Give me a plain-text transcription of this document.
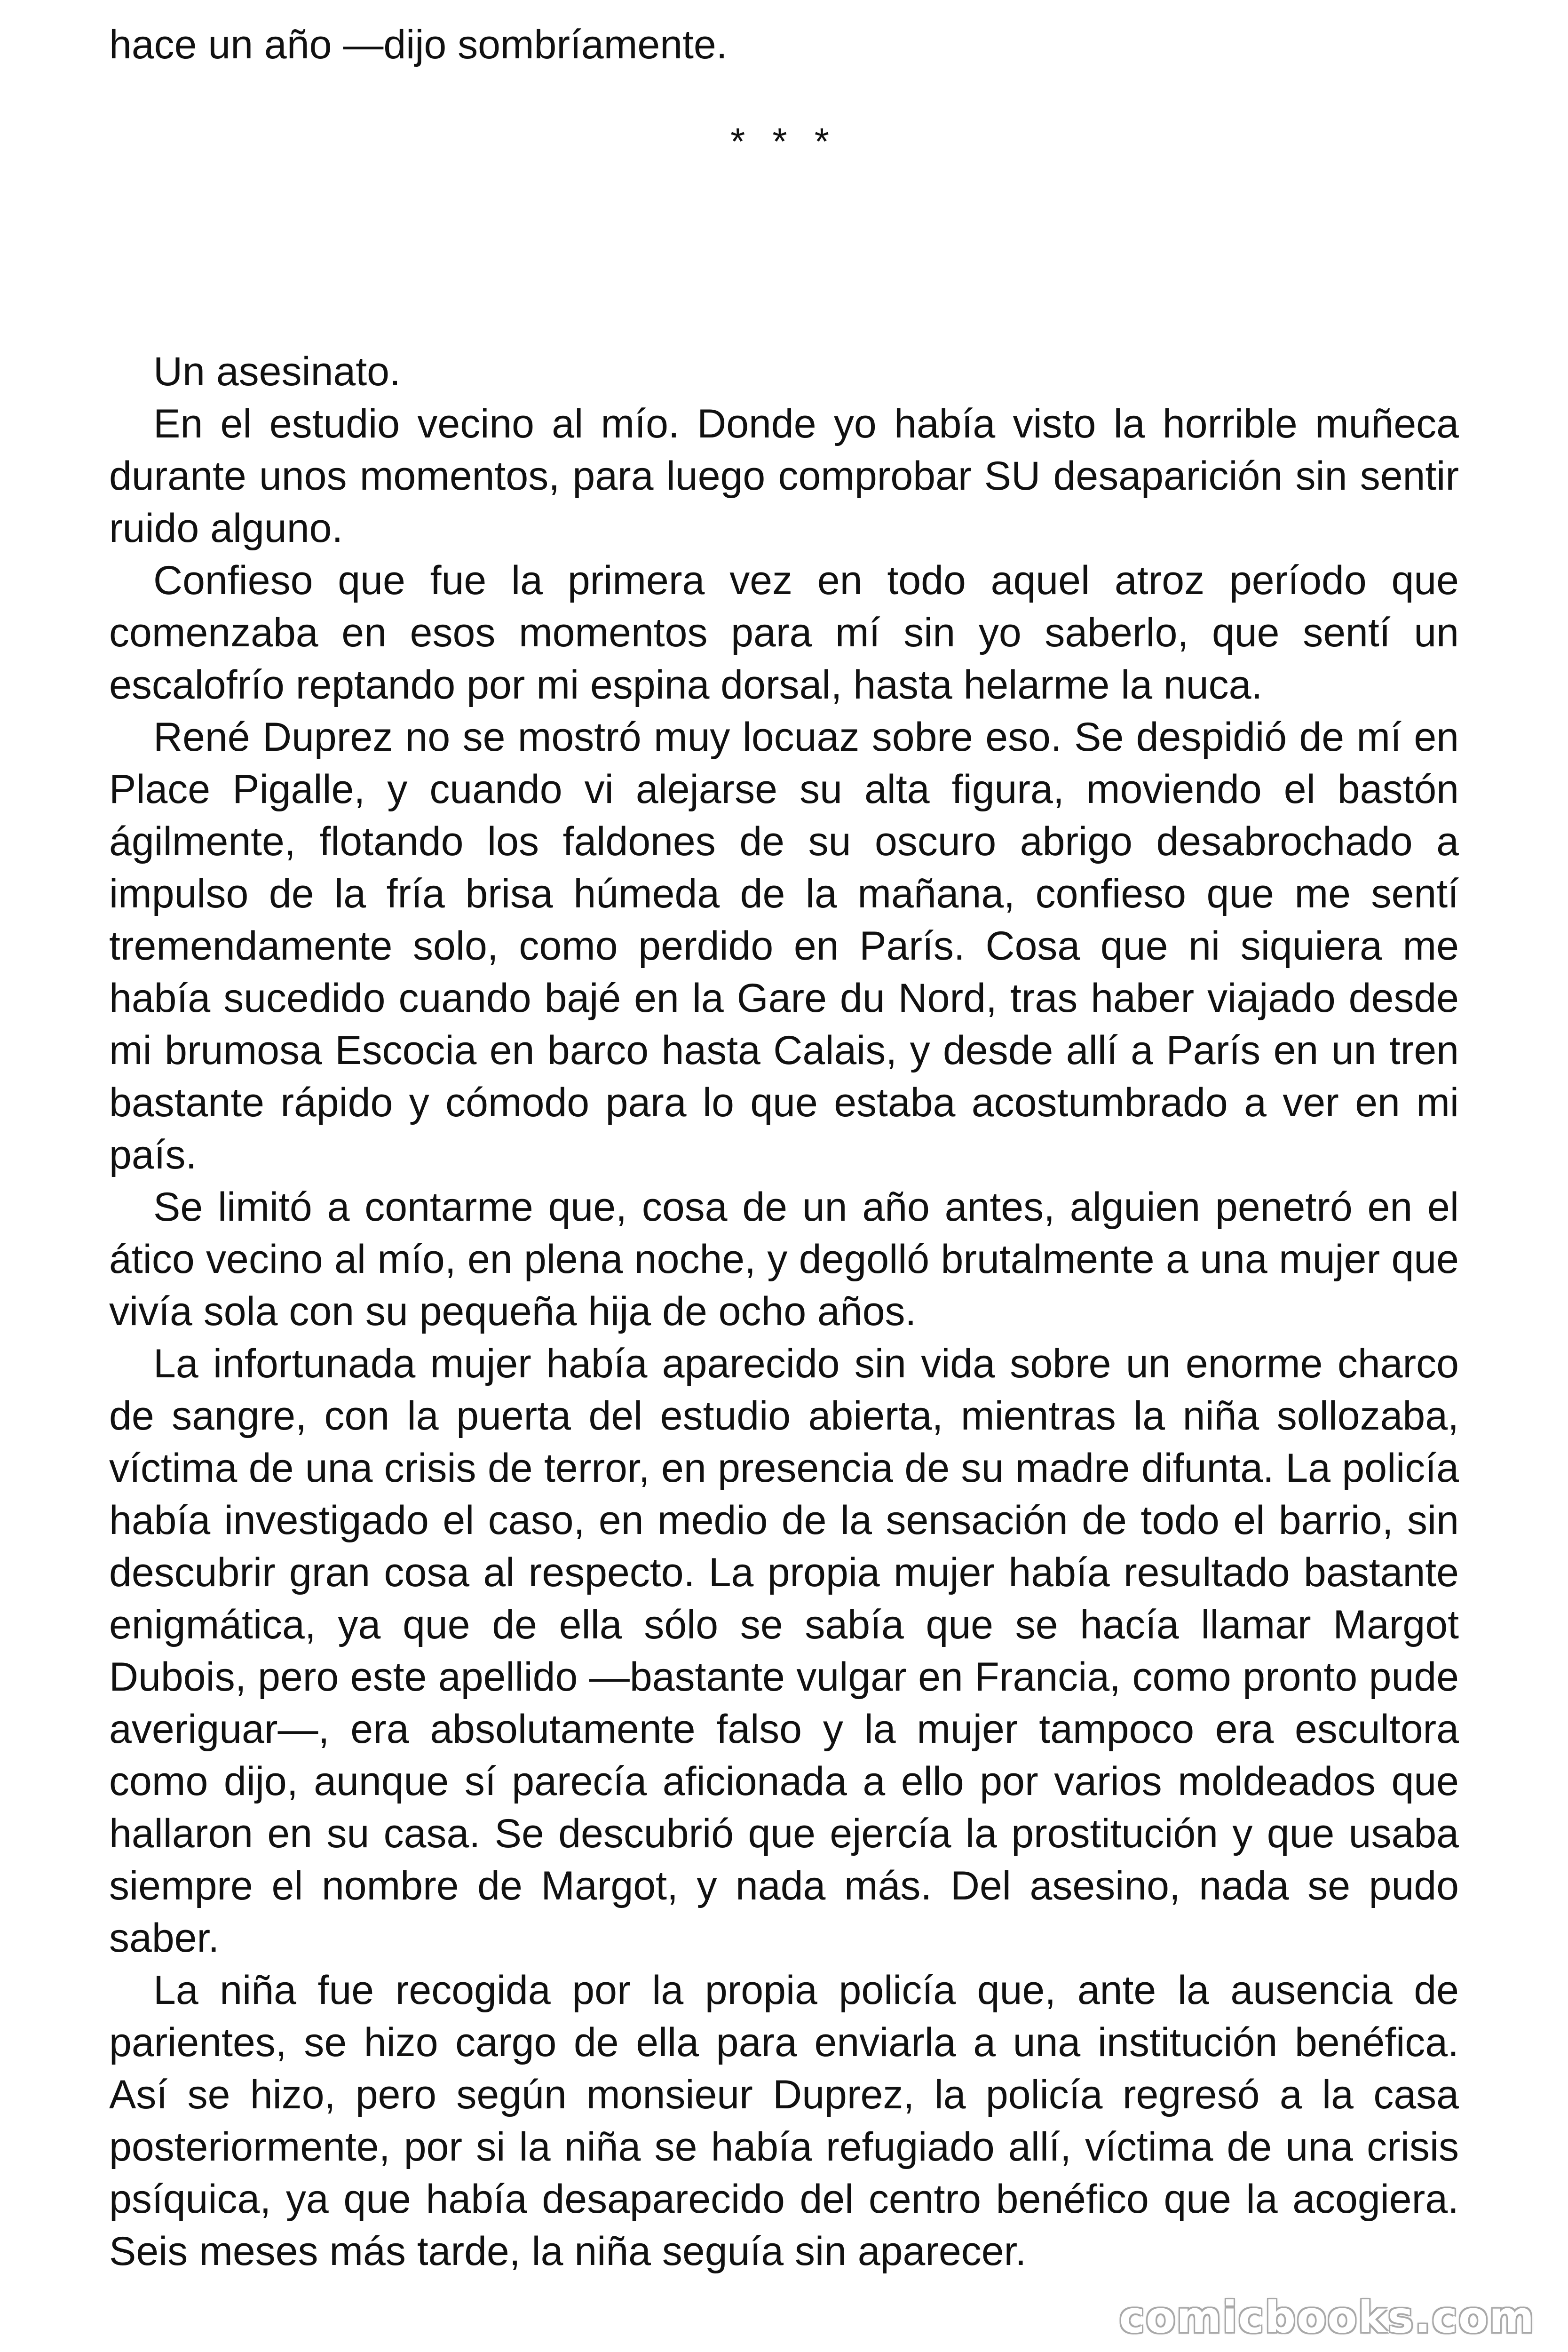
hace un año —dijo sombríamente.

* * *

Un asesinato.

En el estudio vecino al mío. Donde yo había visto la horrible muñeca durante unos momentos, para luego comprobar SU desaparición sin sentir ruido alguno.

Confieso que fue la primera vez en todo aquel atroz período que comenzaba en esos momentos para mí sin yo saberlo, que sentí un escalofrío reptando por mi espina dorsal, hasta helarme la nuca.

René Duprez no se mostró muy locuaz sobre eso. Se despidió de mí en Place Pigalle, y cuando vi alejarse su alta figura, moviendo el bastón ágilmente, flotando los faldones de su oscuro abrigo desabrochado a impulso de la fría brisa húmeda de la mañana, confieso que me sentí tremendamente solo, como perdido en París. Cosa que ni siquiera me había sucedido cuando bajé en la Gare du Nord, tras haber viajado desde mi brumosa Escocia en barco hasta Calais, y desde allí a París en un tren bastante rápido y cómodo para lo que estaba acostumbrado a ver en mi país.

Se limitó a contarme que, cosa de un año antes, alguien penetró en el ático vecino al mío, en plena noche, y degolló brutalmente a una mujer que vivía sola con su pequeña hija de ocho años.

La infortunada mujer había aparecido sin vida sobre un enorme charco de sangre, con la puerta del estudio abierta, mientras la niña sollozaba, víctima de una crisis de terror, en presencia de su madre difunta. La policía había investigado el caso, en medio de la sensación de todo el barrio, sin descubrir gran cosa al respecto. La propia mujer había resultado bastante enigmática, ya que de ella sólo se sabía que se hacía llamar Margot Dubois, pero este apellido —bastante vulgar en Francia, como pronto pude averiguar—, era absolutamente falso y la mujer tampoco era escultora como dijo, aunque sí parecía aficionada a ello por varios moldeados que hallaron en su casa. Se descubrió que ejercía la prostitución y que usaba siempre el nombre de Margot, y nada más. Del asesino, nada se pudo saber.

La niña fue recogida por la propia policía que, ante la ausencia de parientes, se hizo cargo de ella para enviarla a una institución benéfica. Así se hizo, pero según monsieur Duprez, la policía regresó a la casa posteriormente, por si la niña se había refugiado allí, víctima de una crisis psíquica, ya que había desaparecido del centro benéfico que la acogiera. Seis meses más tarde, la niña seguía sin aparecer.

comicbooks.com
